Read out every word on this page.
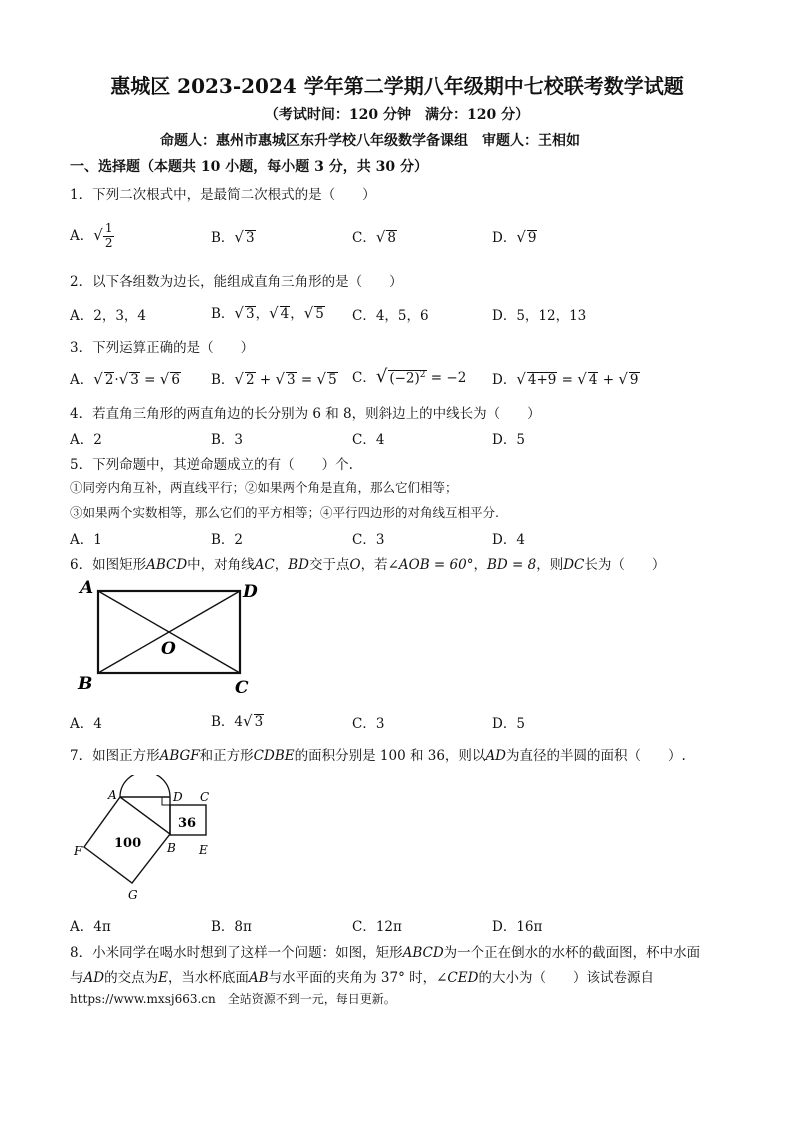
惠城区 2023-2024 学年第二学期八年级期中七校联考数学试题
（考试时间：120 分钟　满分：120 分）
命题人：惠州市惠城区东升学校八年级数学备课组　审题人：王相如
一、选择题（本题共 10 小题，每小题 3 分，共 30 分）
1．下列二次根式中，是最简二次根式的是（　　）
A．√ $\frac{1}{2}$	B．√ 3	C．√ 8	D．√ 9
2．以下各组数为边长，能组成直角三角形的是（　　）
A．2，3，4	B．√ 3，√ 4，√ 5 C．4，5，6	D．5，12，13
3．下列运算正确的是（　　）
A．√ 2·√ 3 = √ 6 B．√ 2 + √ 3 = √ 5 C．√ $(-2)^2 = -2$ D．√ 4+9 = √ 4 + √ 9
4．若直角三角形的两直角边的长分别为 6 和 8，则斜边上的中线长为（　　）
A．2	B．3	C．4	D．5
5．下列命题中，其逆命题成立的有（　　）个.
①同旁内角互补，两直线平行；②如果两个角是直角，那么它们相等；
③如果两个实数相等，那么它们的平方相等；④平行四边形的对角线互相平分.
A．1	B．2	C．3	D．4
6．如图矩形ABCD中，对角线AC，BD交于点O，若∠AOB = 60°，BD = 8，则DC长为（　　）
A	D
B	C
O
A．4	B．4√ 3	C．3	D．5
7．如图正方形ABGF和正方形CDBE的面积分别是 100 和 36，则以AD为直径的半圆的面积（　　）.
A	D C
B E
F
G
100
36
A．4π	B．8π	C．12π	D．16π
8．小米同学在喝水时想到了这样一个问题：如图，矩形ABCD为一个正在倒水的水杯的截面图，杯中水面
与AD的交点为E，当水杯底面AB与水平面的夹角为 37° 时，∠CED的大小为（　　）该试卷源自
https://www.mxsj663.cn　全站资源不到一元，每日更新。
